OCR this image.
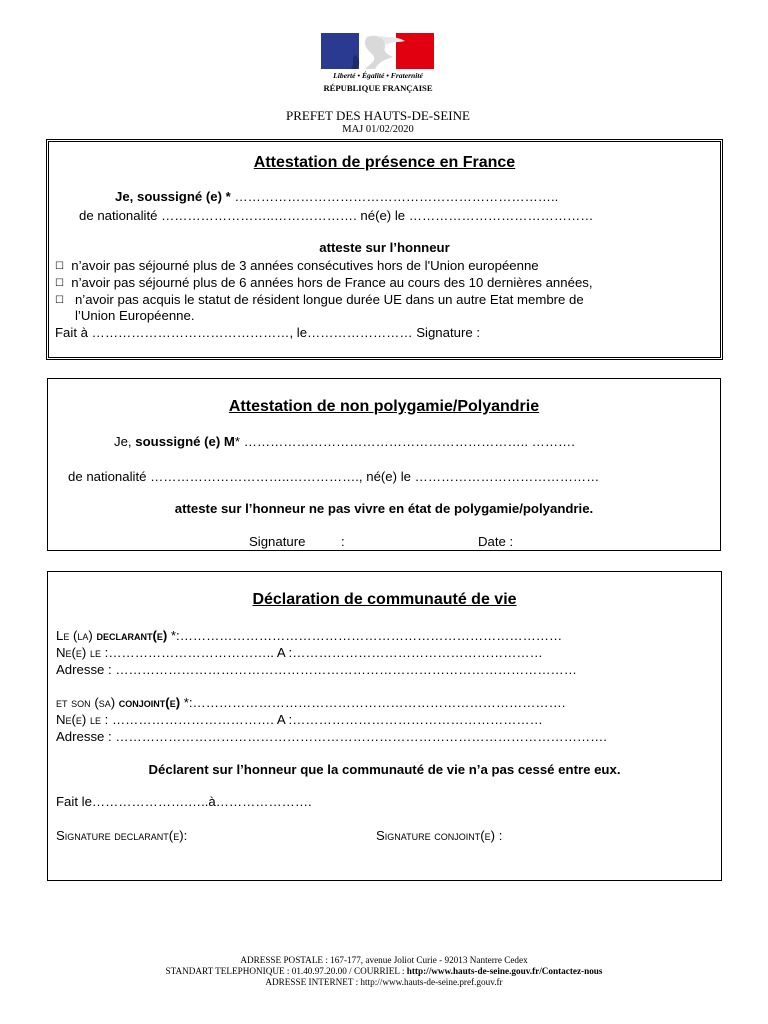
Liberté • Égalité • Fraternité
RÉPUBLIQUE FRANÇAISE
PREFET DES HAUTS-DE-SEINE
MAJ 01/02/2020
Attestation de présence en France
Je, soussigné (e) * ………………………………………………………………..
de nationalité ……………………..………………. né(e) le ……………………………………
atteste sur l’honneur
☐ n’avoir pas séjourné plus de 3 années consécutives hors de l'Union européenne
☐ n’avoir pas séjourné plus de 6 années hors de France au cours des 10 dernières années,
☐ n’avoir pas acquis le statut de résident longue durée UE dans un autre Etat membre de
l’Union Européenne.
Fait à ………………………………………, le…………………… Signature :
Attestation de non polygamie/Polyandrie
Je, soussigné (e) M* ……………………………………………………….. ……….
de nationalité …………………………..……………., né(e) le ……………………………………
atteste sur l’honneur ne pas vivre en état de polygamie/polyandrie.
Signature	:	Date :
Déclaration de communauté de vie
Le (la) declarant(e) *:……………………………………………………………………………
Ne(e) le :……………………………….. A :…………………………………………………
Adresse : ……………………………………………………………………………………………
et son (sa) conjoint(e) *:………………………………………………………………………….
Ne(e) le : ………………………………. A :…………………………………………………
Adresse : ………………………………………………………………………………………………….
Déclarent sur l’honneur que la communauté de vie n’a pas cessé entre eux.
Fait le………………….…..à………………….
Signature declarant(e):	Signature conjoint(e) :
ADRESSE POSTALE : 167-177, avenue Joliot Curie - 92013 Nanterre Cedex
STANDART TELEPHONIQUE : 01.40.97.20.00 / COURRIEL : http://www.hauts-de-seine.gouv.fr/Contactez-nous
ADRESSE INTERNET : http://www.hauts-de-seine.pref.gouv.fr
